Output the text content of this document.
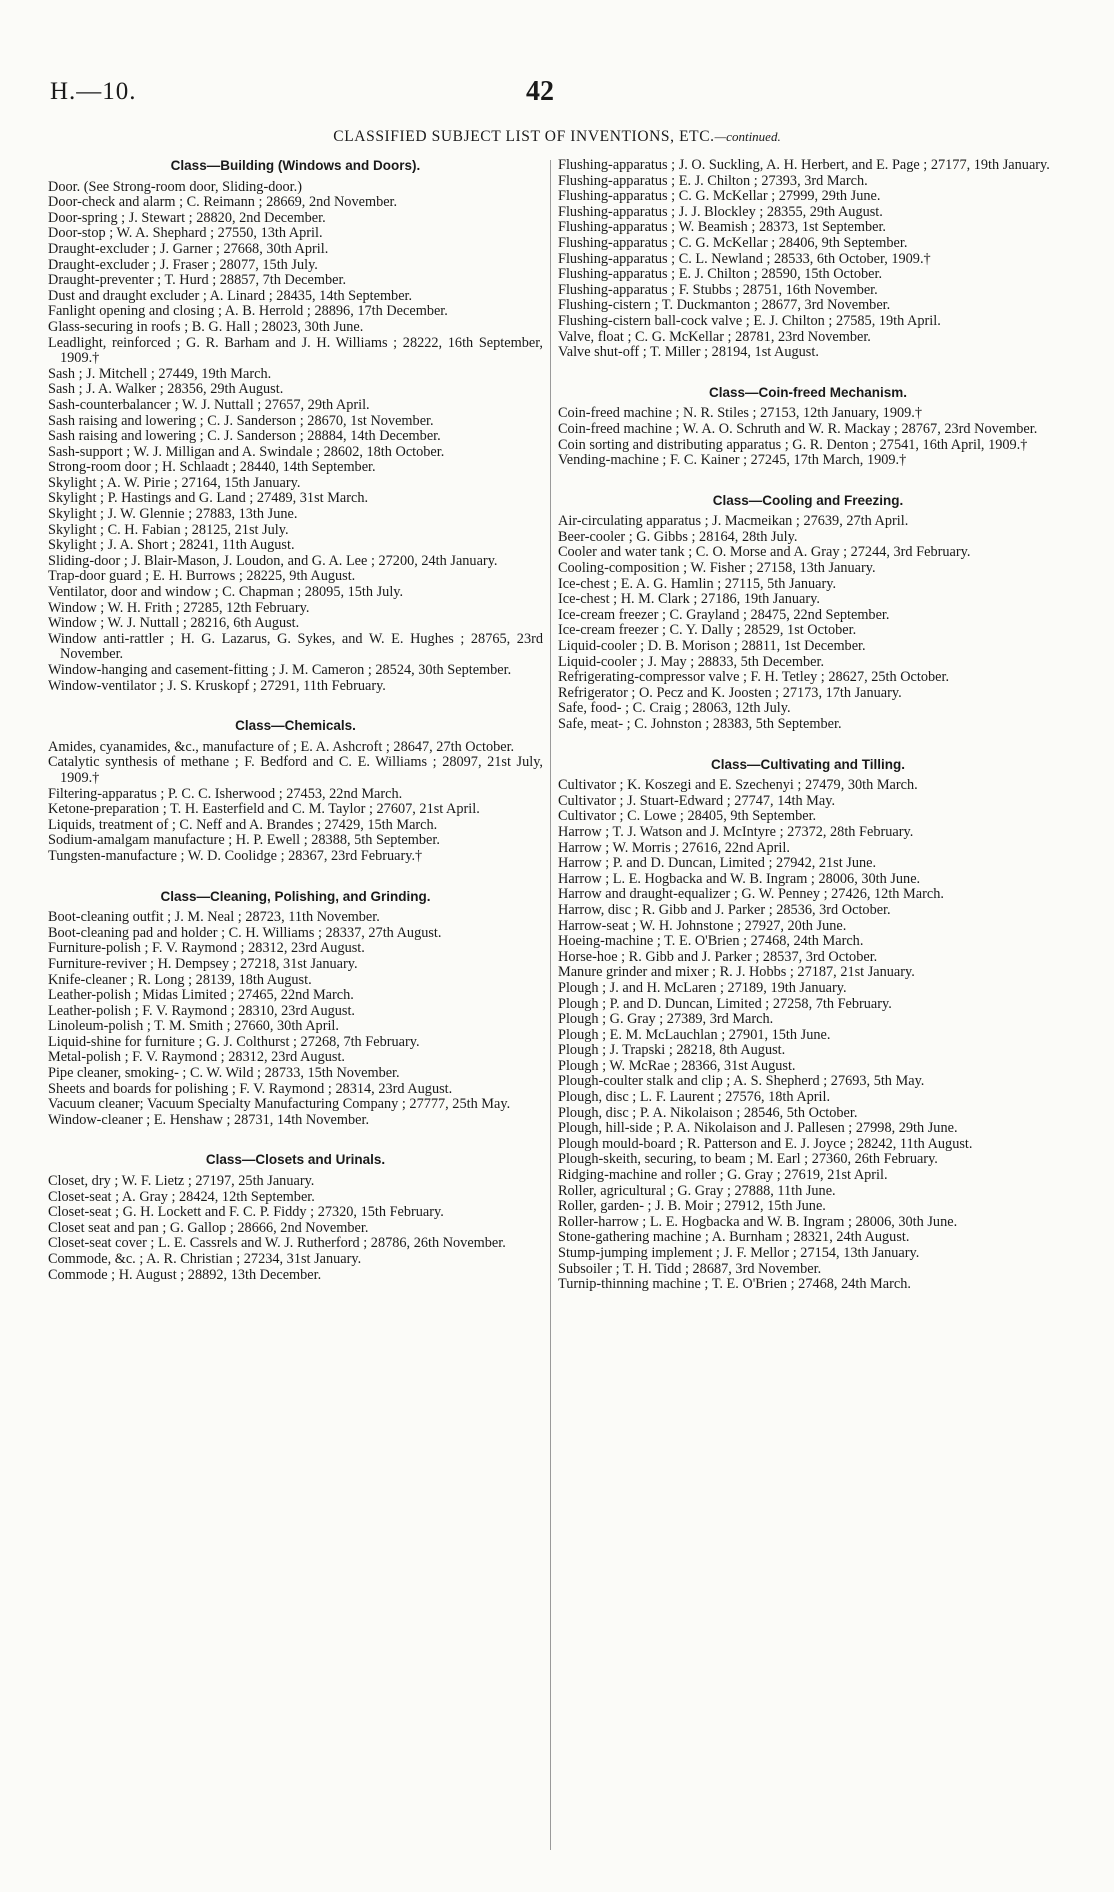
H.—10.	42
CLASSIFIED SUBJECT LIST OF INVENTIONS, ETC.—continued.
Class—Building (Windows and Doors).

Door. (See Strong-room door, Sliding-door.)

Door-check and alarm ; C. Reimann ; 28669, 2nd November.

Door-spring ; J. Stewart ; 28820, 2nd December.

Door-stop ; W. A. Shephard ; 27550, 13th April.

Draught-excluder ; J. Garner ; 27668, 30th April.

Draught-excluder ; J. Fraser ; 28077, 15th July.

Draught-preventer ; T. Hurd ; 28857, 7th December.

Dust and draught excluder ; A. Linard ; 28435, 14th September.

Fanlight opening and closing ; A. B. Herrold ; 28896, 17th December.

Glass-securing in roofs ; B. G. Hall ; 28023, 30th June.

Leadlight, reinforced ; G. R. Barham and J. H. Williams ; 28222, 16th September, 1909.†

Sash ; J. Mitchell ; 27449, 19th March.

Sash ; J. A. Walker ; 28356, 29th August.

Sash-counterbalancer ; W. J. Nuttall ; 27657, 29th April.

Sash raising and lowering ; C. J. Sanderson ; 28670, 1st November.

Sash raising and lowering ; C. J. Sanderson ; 28884, 14th December.

Sash-support ; W. J. Milligan and A. Swindale ; 28602, 18th October.

Strong-room door ; H. Schlaadt ; 28440, 14th September.

Skylight ; A. W. Pirie ; 27164, 15th January.

Skylight ; P. Hastings and G. Land ; 27489, 31st March.

Skylight ; J. W. Glennie ; 27883, 13th June.

Skylight ; C. H. Fabian ; 28125, 21st July.

Skylight ; J. A. Short ; 28241, 11th August.

Sliding-door ; J. Blair-Mason, J. Loudon, and G. A. Lee ; 27200, 24th January.

Trap-door guard ; E. H. Burrows ; 28225, 9th August.

Ventilator, door and window ; C. Chapman ; 28095, 15th July.

Window ; W. H. Frith ; 27285, 12th February.

Window ; W. J. Nuttall ; 28216, 6th August.

Window anti-rattler ; H. G. Lazarus, G. Sykes, and W. E. Hughes ; 28765, 23rd November.

Window-hanging and casement-fitting ; J. M. Cameron ; 28524, 30th September.

Window-ventilator ; J. S. Kruskopf ; 27291, 11th February.

Class—Chemicals.

Amides, cyanamides, &c., manufacture of ; E. A. Ashcroft ; 28647, 27th October.

Catalytic synthesis of methane ; F. Bedford and C. E. Williams ; 28097, 21st July, 1909.†

Filtering-apparatus ; P. C. C. Isherwood ; 27453, 22nd March.

Ketone-preparation ; T. H. Easterfield and C. M. Taylor ; 27607, 21st April.

Liquids, treatment of ; C. Neff and A. Brandes ; 27429, 15th March.

Sodium-amalgam manufacture ; H. P. Ewell ; 28388, 5th September.

Tungsten-manufacture ; W. D. Coolidge ; 28367, 23rd February.†

Class—Cleaning, Polishing, and Grinding.

Boot-cleaning outfit ; J. M. Neal ; 28723, 11th November.

Boot-cleaning pad and holder ; C. H. Williams ; 28337, 27th August.

Furniture-polish ; F. V. Raymond ; 28312, 23rd August.

Furniture-reviver ; H. Dempsey ; 27218, 31st January.

Knife-cleaner ; R. Long ; 28139, 18th August.

Leather-polish ; Midas Limited ; 27465, 22nd March.

Leather-polish ; F. V. Raymond ; 28310, 23rd August.

Linoleum-polish ; T. M. Smith ; 27660, 30th April.

Liquid-shine for furniture ; G. J. Colthurst ; 27268, 7th February.

Metal-polish ; F. V. Raymond ; 28312, 23rd August.

Pipe cleaner, smoking- ; C. W. Wild ; 28733, 15th November.

Sheets and boards for polishing ; F. V. Raymond ; 28314, 23rd August.

Vacuum cleaner; Vacuum Specialty Manufacturing Company ; 27777, 25th May.

Window-cleaner ; E. Henshaw ; 28731, 14th November.

Class—Closets and Urinals.

Closet, dry ; W. F. Lietz ; 27197, 25th January.

Closet-seat ; A. Gray ; 28424, 12th September.

Closet-seat ; G. H. Lockett and F. C. P. Fiddy ; 27320, 15th February.

Closet seat and pan ; G. Gallop ; 28666, 2nd November.

Closet-seat cover ; L. E. Cassrels and W. J. Rutherford ; 28786, 26th November.

Commode, &c. ; A. R. Christian ; 27234, 31st January.

Commode ; H. August ; 28892, 13th December.

Flushing-apparatus ; J. O. Suckling, A. H. Herbert, and E. Page ; 27177, 19th January.

Flushing-apparatus ; E. J. Chilton ; 27393, 3rd March.

Flushing-apparatus ; C. G. McKellar ; 27999, 29th June.

Flushing-apparatus ; J. J. Blockley ; 28355, 29th August.

Flushing-apparatus ; W. Beamish ; 28373, 1st September.

Flushing-apparatus ; C. G. McKellar ; 28406, 9th September.

Flushing-apparatus ; C. L. Newland ; 28533, 6th October, 1909.†

Flushing-apparatus ; E. J. Chilton ; 28590, 15th October.

Flushing-apparatus ; F. Stubbs ; 28751, 16th November.

Flushing-cistern ; T. Duckmanton ; 28677, 3rd November.

Flushing-cistern ball-cock valve ; E. J. Chilton ; 27585, 19th April.

Valve, float ; C. G. McKellar ; 28781, 23rd November.

Valve shut-off ; T. Miller ; 28194, 1st August.

Class—Coin-freed Mechanism.

Coin-freed machine ; N. R. Stiles ; 27153, 12th January, 1909.†

Coin-freed machine ; W. A. O. Schruth and W. R. Mackay ; 28767, 23rd November.

Coin sorting and distributing apparatus ; G. R. Denton ; 27541, 16th April, 1909.†

Vending-machine ; F. C. Kainer ; 27245, 17th March, 1909.†

Class—Cooling and Freezing.

Air-circulating apparatus ; J. Macmeikan ; 27639, 27th April.

Beer-cooler ; G. Gibbs ; 28164, 28th July.

Cooler and water tank ; C. O. Morse and A. Gray ; 27244, 3rd February.

Cooling-composition ; W. Fisher ; 27158, 13th January.

Ice-chest ; E. A. G. Hamlin ; 27115, 5th January.

Ice-chest ; H. M. Clark ; 27186, 19th January.

Ice-cream freezer ; C. Grayland ; 28475, 22nd September.

Ice-cream freezer ; C. Y. Dally ; 28529, 1st October.

Liquid-cooler ; D. B. Morison ; 28811, 1st December.

Liquid-cooler ; J. May ; 28833, 5th December.

Refrigerating-compressor valve ; F. H. Tetley ; 28627, 25th October.

Refrigerator ; O. Pecz and K. Joosten ; 27173, 17th January.

Safe, food- ; C. Craig ; 28063, 12th July.

Safe, meat- ; C. Johnston ; 28383, 5th September.

Class—Cultivating and Tilling.

Cultivator ; K. Koszegi and E. Szechenyi ; 27479, 30th March.

Cultivator ; J. Stuart-Edward ; 27747, 14th May.

Cultivator ; C. Lowe ; 28405, 9th September.

Harrow ; T. J. Watson and J. McIntyre ; 27372, 28th February.

Harrow ; W. Morris ; 27616, 22nd April.

Harrow ; P. and D. Duncan, Limited ; 27942, 21st June.

Harrow ; L. E. Hogbacka and W. B. Ingram ; 28006, 30th June.

Harrow and draught-equalizer ; G. W. Penney ; 27426, 12th March.

Harrow, disc ; R. Gibb and J. Parker ; 28536, 3rd October.

Harrow-seat ; W. H. Johnstone ; 27927, 20th June.

Hoeing-machine ; T. E. O'Brien ; 27468, 24th March.

Horse-hoe ; R. Gibb and J. Parker ; 28537, 3rd October.

Manure grinder and mixer ; R. J. Hobbs ; 27187, 21st January.

Plough ; J. and H. McLaren ; 27189, 19th January.

Plough ; P. and D. Duncan, Limited ; 27258, 7th February.

Plough ; G. Gray ; 27389, 3rd March.

Plough ; E. M. McLauchlan ; 27901, 15th June.

Plough ; J. Trapski ; 28218, 8th August.

Plough ; W. McRae ; 28366, 31st August.

Plough-coulter stalk and clip ; A. S. Shepherd ; 27693, 5th May.

Plough, disc ; L. F. Laurent ; 27576, 18th April.

Plough, disc ; P. A. Nikolaison ; 28546, 5th October.

Plough, hill-side ; P. A. Nikolaison and J. Pallesen ; 27998, 29th June.

Plough mould-board ; R. Patterson and E. J. Joyce ; 28242, 11th August.

Plough-skeith, securing, to beam ; M. Earl ; 27360, 26th February.

Ridging-machine and roller ; G. Gray ; 27619, 21st April.

Roller, agricultural ; G. Gray ; 27888, 11th June.

Roller, garden- ; J. B. Moir ; 27912, 15th June.

Roller-harrow ; L. E. Hogbacka and W. B. Ingram ; 28006, 30th June.

Stone-gathering machine ; A. Burnham ; 28321, 24th August.

Stump-jumping implement ; J. F. Mellor ; 27154, 13th January.

Subsoiler ; T. H. Tidd ; 28687, 3rd November.

Turnip-thinning machine ; T. E. O'Brien ; 27468, 24th March.
